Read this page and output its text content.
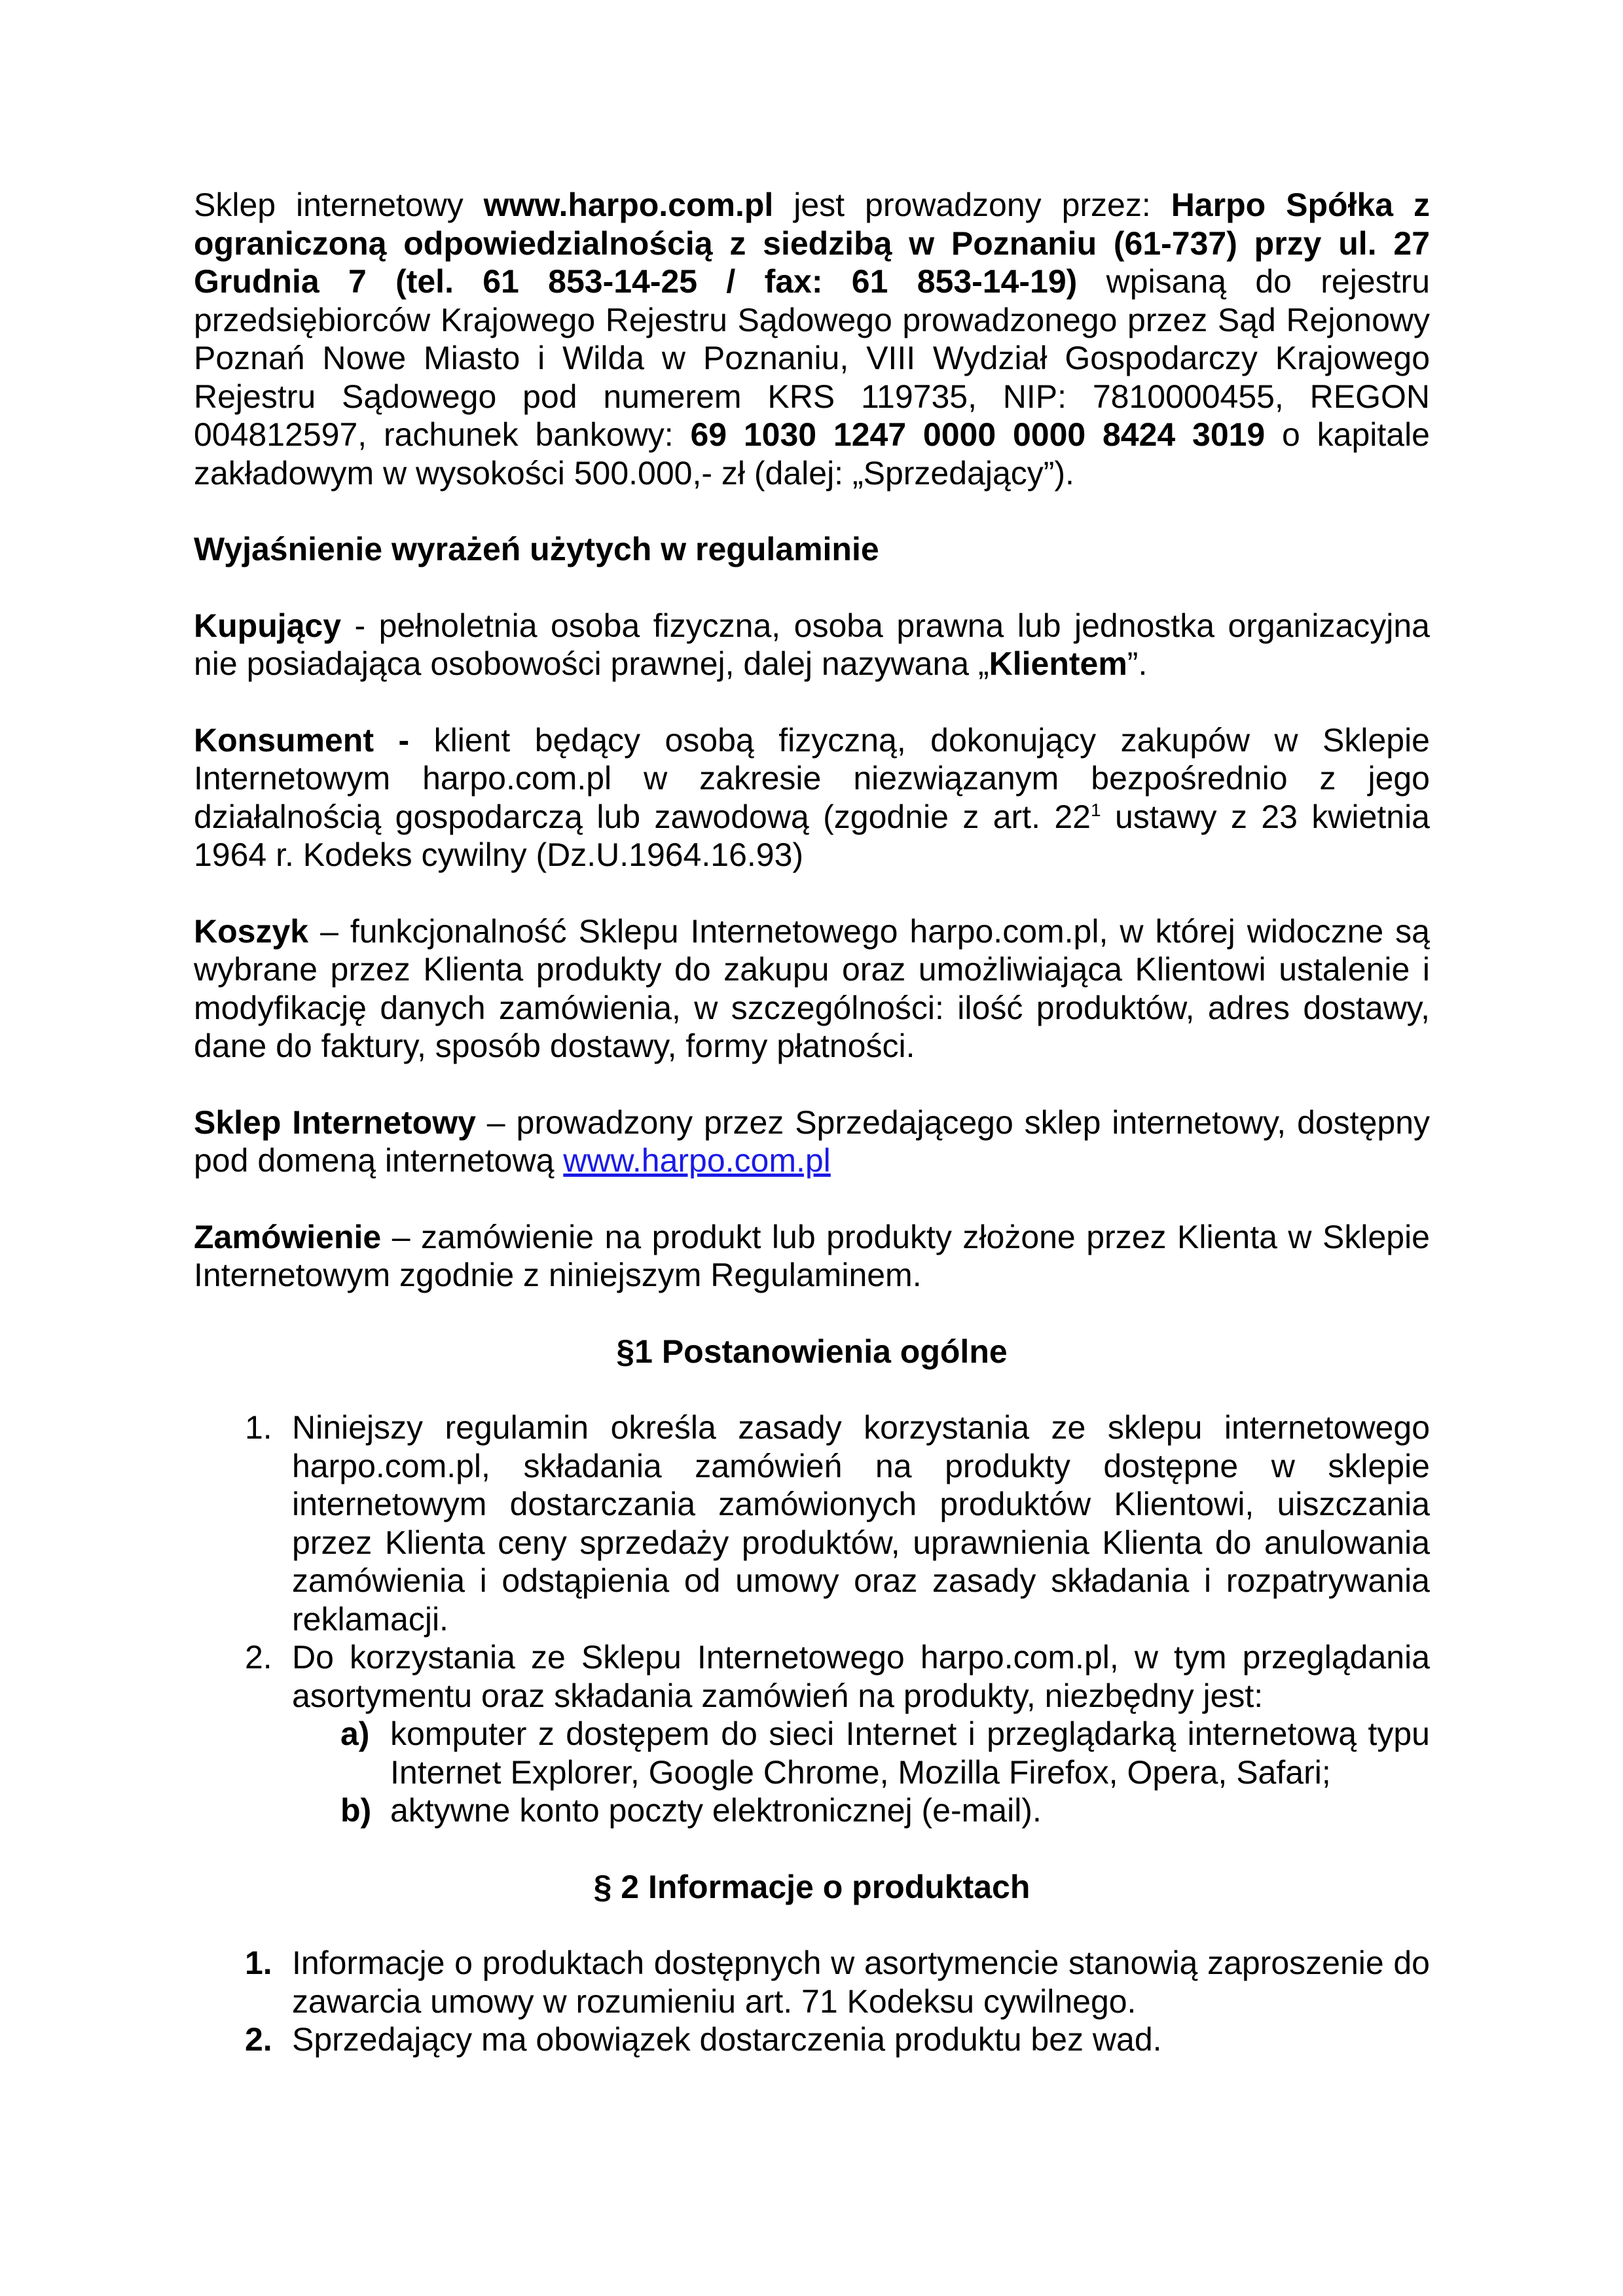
Sklep internetowy www.harpo.com.pl jest prowadzony przez: Harpo Spółka z ograniczoną odpowiedzialnością z siedzibą w Poznaniu (61-737) przy ul. 27 Grudnia 7 (tel. 61 853-14-25 / fax: 61 853-14-19) wpisaną do rejestru przedsiębiorców Krajowego Rejestru Sądowego prowadzonego przez Sąd Rejonowy Poznań Nowe Miasto i Wilda w Poznaniu, VIII Wydział Gospodarczy Krajowego Rejestru Sądowego pod numerem KRS 119735, NIP: 7810000455, REGON 004812597, rachunek bankowy: 69 1030 1247 0000 0000 8424 3019 o kapitale zakładowym w wysokości 500.000,- zł (dalej: „Sprzedający”).

Wyjaśnienie wyrażeń użytych w regulaminie

Kupujący - pełnoletnia osoba fizyczna, osoba prawna lub jednostka organizacyjna nie posiadająca osobowości prawnej, dalej nazywana „Klientem”.

Konsument - klient będący osobą fizyczną, dokonujący zakupów w Sklepie Internetowym harpo.com.pl w zakresie niezwiązanym bezpośrednio z jego działalnością gospodarczą lub zawodową (zgodnie z art. $22^1$ ustawy z 23 kwietnia 1964 r. Kodeks cywilny (Dz.U.1964.16.93)

Koszyk – funkcjonalność Sklepu Internetowego harpo.com.pl, w której widoczne są wybrane przez Klienta produkty do zakupu oraz umożliwiająca Klientowi ustalenie i modyfikację danych zamówienia, w szczególności: ilość produktów, adres dostawy, dane do faktury, sposób dostawy, formy płatności.

Sklep Internetowy – prowadzony przez Sprzedającego sklep internetowy, dostępny pod domeną internetową www.harpo.com.pl

Zamówienie – zamówienie na produkt lub produkty złożone przez Klienta w Sklepie Internetowym zgodnie z niniejszym Regulaminem.

§1 Postanowienia ogólne

1. Niniejszy regulamin określa zasady korzystania ze sklepu internetowego harpo.com.pl, składania zamówień na produkty dostępne w sklepie internetowym dostarczania zamówionych produktów Klientowi, uiszczania przez Klienta ceny sprzedaży produktów, uprawnienia Klienta do anulowania zamówienia i odstąpienia od umowy oraz zasady składania i rozpatrywania reklamacji.
2. Do korzystania ze Sklepu Internetowego harpo.com.pl, w tym przeglądania asortymentu oraz składania zamówień na produkty, niezbędny jest:
a) komputer z dostępem do sieci Internet i przeglądarką internetową typu Internet Explorer, Google Chrome, Mozilla Firefox, Opera, Safari;
b) aktywne konto poczty elektronicznej (e-mail).

§ 2 Informacje o produktach

1. Informacje o produktach dostępnych w asortymencie stanowią zaproszenie do zawarcia umowy w rozumieniu art. 71 Kodeksu cywilnego.
2. Sprzedający ma obowiązek dostarczenia produktu bez wad.
